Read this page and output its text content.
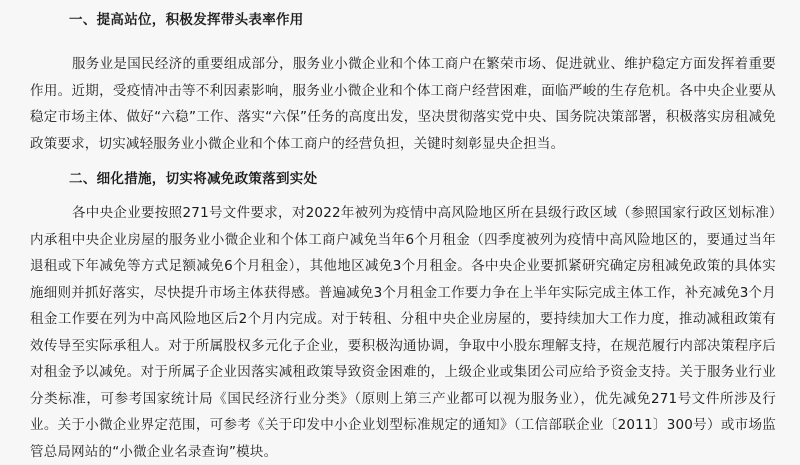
一、提高站位，积极发挥带头表率作用

服务业是国民经济的重要组成部分，服务业小微企业和个体工商户在繁荣市场、促进就业、维护稳定方面发挥着重要作用。近期，受疫情冲击等不利因素影响，服务业小微企业和个体工商户经营困难，面临严峻的生存危机。各中央企业要从稳定市场主体、做好“六稳”工作、落实“六保”任务的高度出发，坚决贯彻落实党中央、国务院决策部署，积极落实房租减免政策要求，切实减轻服务业小微企业和个体工商户的经营负担，关键时刻彰显央企担当。

二、细化措施，切实将减免政策落到实处

各中央企业要按照271号文件要求，对2022年被列为疫情中高风险地区所在县级行政区域（参照国家行政区划标准）内承租中央企业房屋的服务业小微企业和个体工商户减免当年6个月租金（四季度被列为疫情中高风险地区的，要通过当年退租或下年减免等方式足额减免6个月租金），其他地区减免3个月租金。各中央企业要抓紧研究确定房租减免政策的具体实施细则并抓好落实，尽快提升市场主体获得感。普遍减免3个月租金工作要力争在上半年实际完成主体工作，补充减免3个月租金工作要在列为中高风险地区后2个月内完成。对于转租、分租中央企业房屋的，要持续加大工作力度，推动减租政策有效传导至实际承租人。对于所属股权多元化子企业，要积极沟通协调，争取中小股东理解支持，在规范履行内部决策程序后对租金予以减免。对于所属子企业因落实减租政策导致资金困难的，上级企业或集团公司应给予资金支持。关于服务业行业分类标准，可参考国家统计局《国民经济行业分类》（原则上第三产业都可以视为服务业），优先减免271号文件所涉及行业。关于小微企业界定范围，可参考《关于印发中小企业划型标准规定的通知》（工信部联企业〔2011〕300号）或市场监管总局网站的“小微企业名录查询”模块。
